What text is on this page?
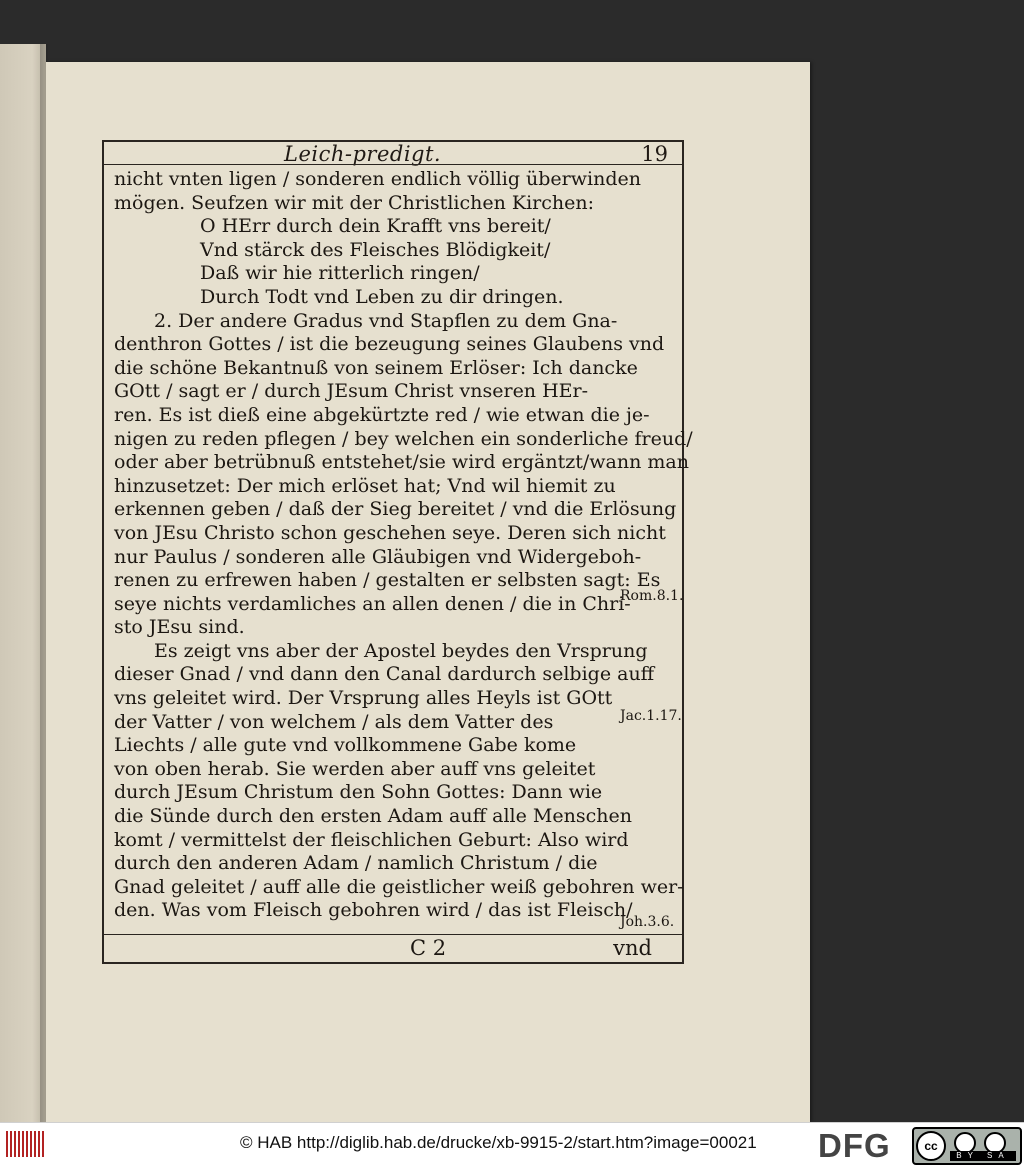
Leich-predigt.	19
nicht vnten ligen / sonderen endlich völlig überwinden
mögen. Seufzen wir mit der Christlichen Kirchen:
O HErr durch dein Krafft vns bereit/
Vnd stärck des Fleisches Blödigkeit/
Daß wir hie ritterlich ringen/
Durch Todt vnd Leben zu dir dringen.
2. Der andere Gradus vnd Stapflen zu dem Gna-
denthron Gottes / ist die bezeugung seines Glaubens vnd
die schöne Bekantnuß von seinem Erlöser: Ich dancke
GOtt / sagt er / durch JEsum Christ vnseren HEr-
ren. Es ist dieß eine abgekürtzte red / wie etwan die je-
nigen zu reden pflegen / bey welchen ein sonderliche freud/
oder aber betrübnuß entstehet/sie wird ergäntzt/wann man
hinzusetzet: Der mich erlöset hat; Vnd wil hiemit zu
erkennen geben / daß der Sieg bereitet / vnd die Erlösung
von JEsu Christo schon geschehen seye. Deren sich nicht
nur Paulus / sonderen alle Gläubigen vnd Widergeboh-
renen zu erfrewen haben / gestalten er selbsten sagt: Es
seye nichts verdamliches an allen denen / die in Chri-
sto JEsu sind.
Es zeigt vns aber der Apostel beydes den Vrsprung
dieser Gnad / vnd dann den Canal dardurch selbige auff
vns geleitet wird. Der Vrsprung alles Heyls ist GOtt
der Vatter / von welchem / als dem Vatter des
Liechts / alle gute vnd vollkommene Gabe kome
von oben herab. Sie werden aber auff vns geleitet
durch JEsum Christum den Sohn Gottes: Dann wie
die Sünde durch den ersten Adam auff alle Menschen
komt / vermittelst der fleischlichen Geburt: Also wird
durch den anderen Adam / namlich Christum / die
Gnad geleitet / auff alle die geistlicher weiß gebohren wer-
den. Was vom Fleisch gebohren wird / das ist Fleisch/
C 2	vnd
Rom.8.1.
Jac.1.17.
Joh.3.6.
© HAB http://diglib.hab.de/drucke/xb-9915-2/start.htm?image=00021 DFG	cc
BY SA
